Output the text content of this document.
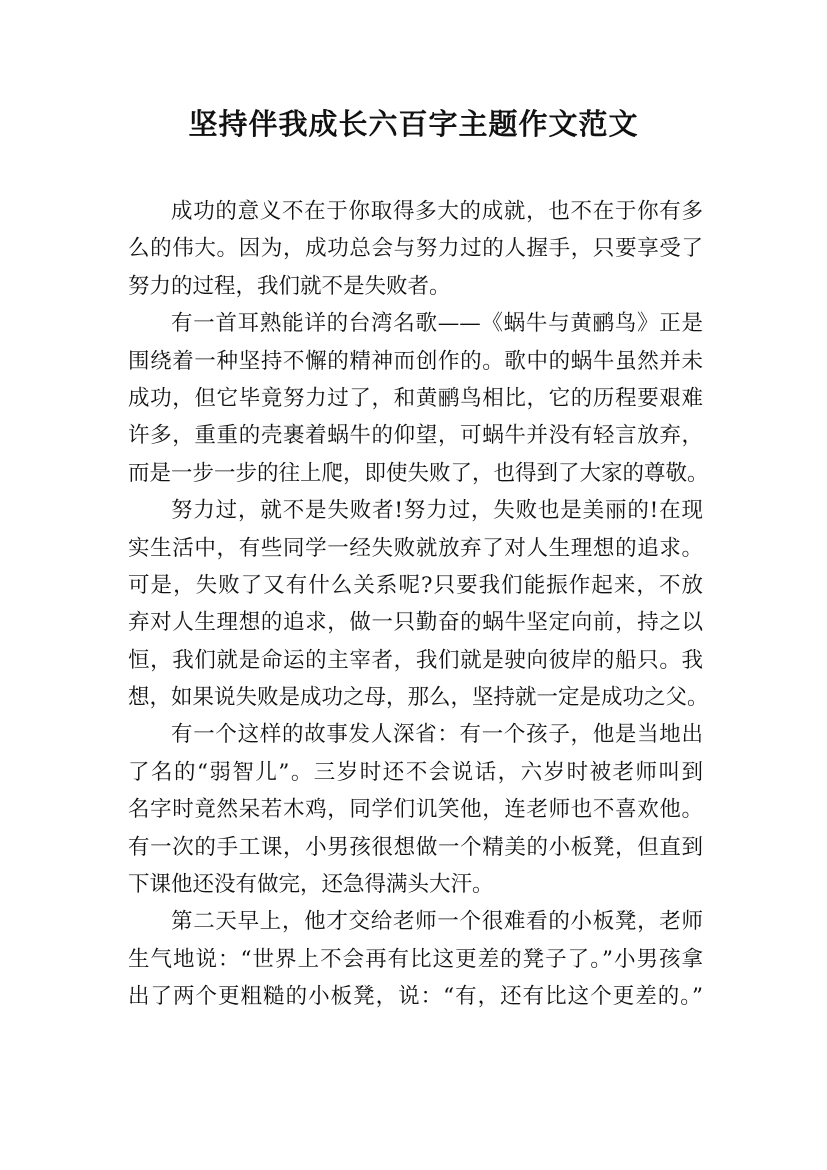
坚持伴我成长六百字主题作文范文
成功的意义不在于你取得多大的成就，也不在于你有多
么的伟大。因为，成功总会与努力过的人握手，只要享受了
努力的过程，我们就不是失败者。
有一首耳熟能详的台湾名歌——《蜗牛与黄鹂鸟》正是
围绕着一种坚持不懈的精神而创作的。歌中的蜗牛虽然并未
成功，但它毕竟努力过了，和黄鹂鸟相比，它的历程要艰难
许多，重重的壳裹着蜗牛的仰望，可蜗牛并没有轻言放弃，
而是一步一步的往上爬，即使失败了，也得到了大家的尊敬。
努力过，就不是失败者!努力过，失败也是美丽的!在现
实生活中，有些同学一经失败就放弃了对人生理想的追求。
可是，失败了又有什么关系呢?只要我们能振作起来，不放
弃对人生理想的追求，做一只勤奋的蜗牛坚定向前，持之以
恒，我们就是命运的主宰者，我们就是驶向彼岸的船只。我
想，如果说失败是成功之母，那么，坚持就一定是成功之父。
有一个这样的故事发人深省：有一个孩子，他是当地出
了名的“弱智儿”。三岁时还不会说话，六岁时被老师叫到
名字时竟然呆若木鸡，同学们讥笑他，连老师也不喜欢他。
有一次的手工课，小男孩很想做一个精美的小板凳，但直到
下课他还没有做完，还急得满头大汗。
第二天早上，他才交给老师一个很难看的小板凳，老师
生气地说：“世界上不会再有比这更差的凳子了。”小男孩拿
出了两个更粗糙的小板凳，说：“有，还有比这个更差的。”
